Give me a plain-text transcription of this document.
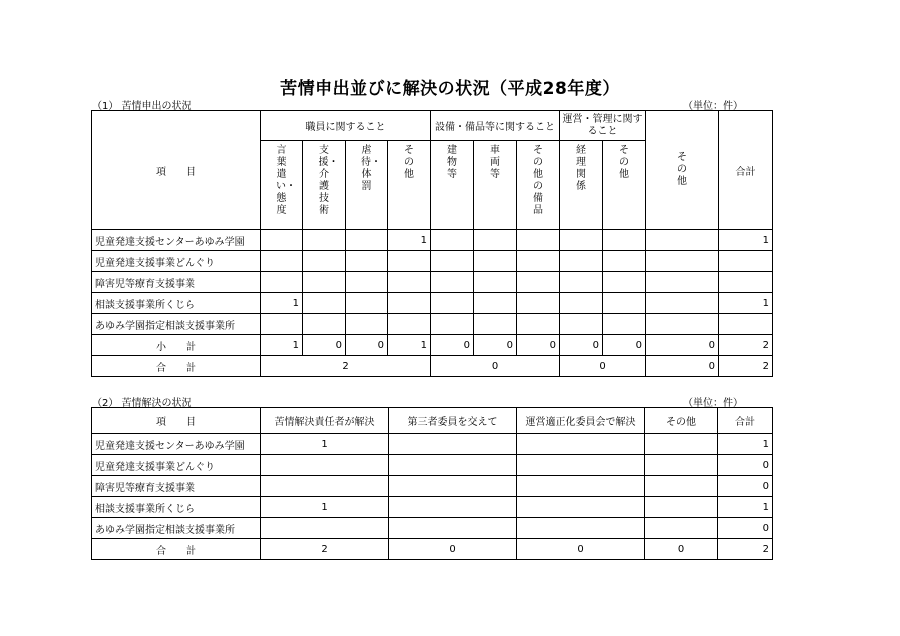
苦情申出並びに解決の状況（平成28年度）
（1） 苦情申出の状況	（単位：件）
項　　目	職員に関すること				設備・備品等に関すること			運営・管理に関すること		その他	合計
	言葉遣い・態度	支援・介護技術	虐待・体罰	その他	建物等	車両等	その他の備品	経理関係	その他		
児童発達支援センターあゆみ学園				1							1
児童発達支援事業どんぐり											
障害児等療育支援事業											
相談支援事業所くじら	1										1
あゆみ学園指定相談支援事業所											
小　　計	1	0	0	1	0	0	0	0	0	0	2
合　　計	2				0			0		0	2
（2） 苦情解決の状況	（単位：件）
項　　目	苦情解決責任者が解決	第三者委員を交えて	運営適正化委員会で解決	その他	合計
児童発達支援センターあゆみ学園	1				1
児童発達支援事業どんぐり					0
障害児等療育支援事業					0
相談支援事業所くじら	1				1
あゆみ学園指定相談支援事業所					0
合　　計	2	0	0	0	2
